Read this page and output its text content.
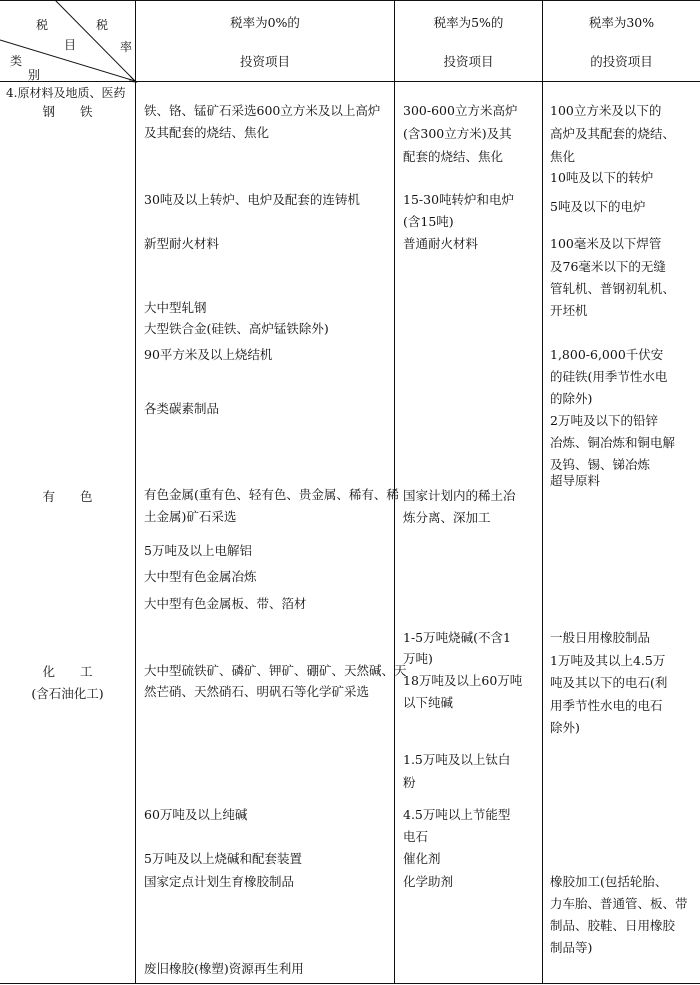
税	税
目	率
类
别
税率为0%的
投资项目
税率为5%的
投资项目
税率为30%
的投资项目
4.原材料及地质、医药
钢　　铁
有　　色
化　　工
(含石油化工)
铁、铬、锰矿石采选600立方米及以上高炉
及其配套的烧结、焦化
30吨及以上转炉、电炉及配套的连铸机
新型耐火材料
大中型轧钢
大型铁合金(硅铁、高炉锰铁除外)
90平方米及以上烧结机
各类碳素制品
有色金属(重有色、轻有色、贵金属、稀有、稀
土金属)矿石采选
5万吨及以上电解铝
大中型有色金属冶炼
大中型有色金属板、带、箔材
大中型硫铁矿、磷矿、钾矿、硼矿、天然碱、天
然芒硝、天然硝石、明矾石等化学矿采选
60万吨及以上纯碱
5万吨及以上烧碱和配套装置
国家定点计划生育橡胶制品
废旧橡胶(橡塑)资源再生利用
300-600立方米高炉
(含300立方米)及其
配套的烧结、焦化
15-30吨转炉和电炉
(含15吨)
普通耐火材料
国家计划内的稀土冶
炼分离、深加工
1-5万吨烧碱(不含1
万吨)
18万吨及以上60万吨
以下纯碱
1.5万吨及以上钛白
粉
4.5万吨以上节能型
电石
催化剂
化学助剂
100立方米及以下的
高炉及其配套的烧结、
焦化
10吨及以下的转炉
5吨及以下的电炉
100毫米及以下焊管
及76毫米以下的无缝
管轧机、普钢初轧机、
开坯机
1,800-6,000千伏安
的硅铁(用季节性水电
的除外)
2万吨及以下的铅锌
冶炼、铜冶炼和铜电解
及钨、锡、锑冶炼
超导原料
一般日用橡胶制品
1万吨及其以上4.5万
吨及其以下的电石(利
用季节性水电的电石
除外)
橡胶加工(包括轮胎、
力车胎、普通管、板、带
制品、胶鞋、日用橡胶
制品等)
